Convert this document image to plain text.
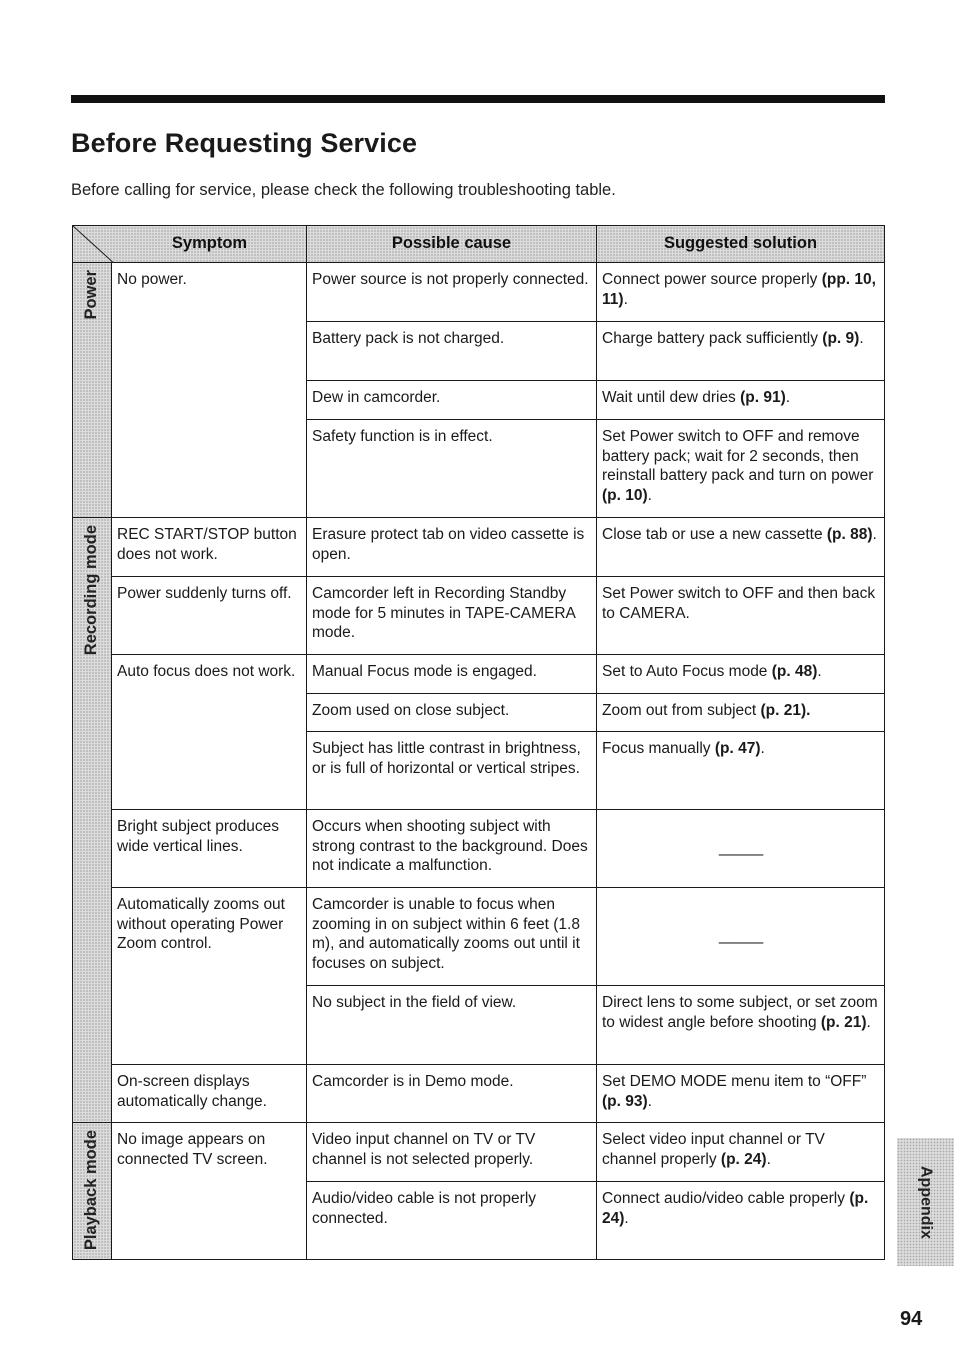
Before Requesting Service
Before calling for service, please check the following troubleshooting table.
Symptom		Possible cause	Suggested solution
Power	No power.	Power source is not properly connected.	Connect power source properly (pp. 10, 11).
		Battery pack is not charged.	Charge battery pack sufficiently (p. 9).
		Dew in camcorder.	Wait until dew dries (p. 91).
		Safety function is in effect.	Set Power switch to OFF and remove battery pack; wait for 2 seconds, then reinstall battery pack and turn on power (p. 10).
Recording mode	REC START/STOP button does not work.	Erasure protect tab on video cassette is open.	Close tab or use a new cassette (p. 88).
	Power suddenly turns off.	Camcorder left in Recording Standby mode for 5 minutes in TAPE-CAMERA mode.	Set Power switch to OFF and then back to CAMERA.
	Auto focus does not work.	Manual Focus mode is engaged.	Set to Auto Focus mode (p. 48).
		Zoom used on close subject.	Zoom out from subject (p. 21).
		Subject has little contrast in brightness, or is full of horizontal or vertical stripes.	Focus manually (p. 47).
	Bright subject produces wide vertical lines.	Occurs when shooting subject with strong contrast to the background. Does not indicate a malfunction.	———

	Automatically zooms out without operating Power Zoom control.	Camcorder is unable to focus when zooming in on subject within 6 feet (1.8 m), and automatically zooms out until it focuses on subject.	———

		No subject in the field of view.	Direct lens to some subject, or set zoom to widest angle before shooting (p. 21).
	On-screen displays automatically change.	Camcorder is in Demo mode.	Set DEMO MODE menu item to “OFF” (p. 93).
Playback mode	No image appears on connected TV screen.	Video input channel on TV or TV channel is not selected properly.	Select video input channel or TV channel properly (p. 24).
		Audio/video cable is not properly connected.	Connect audio/video cable properly (p. 24).	Appendix
94
